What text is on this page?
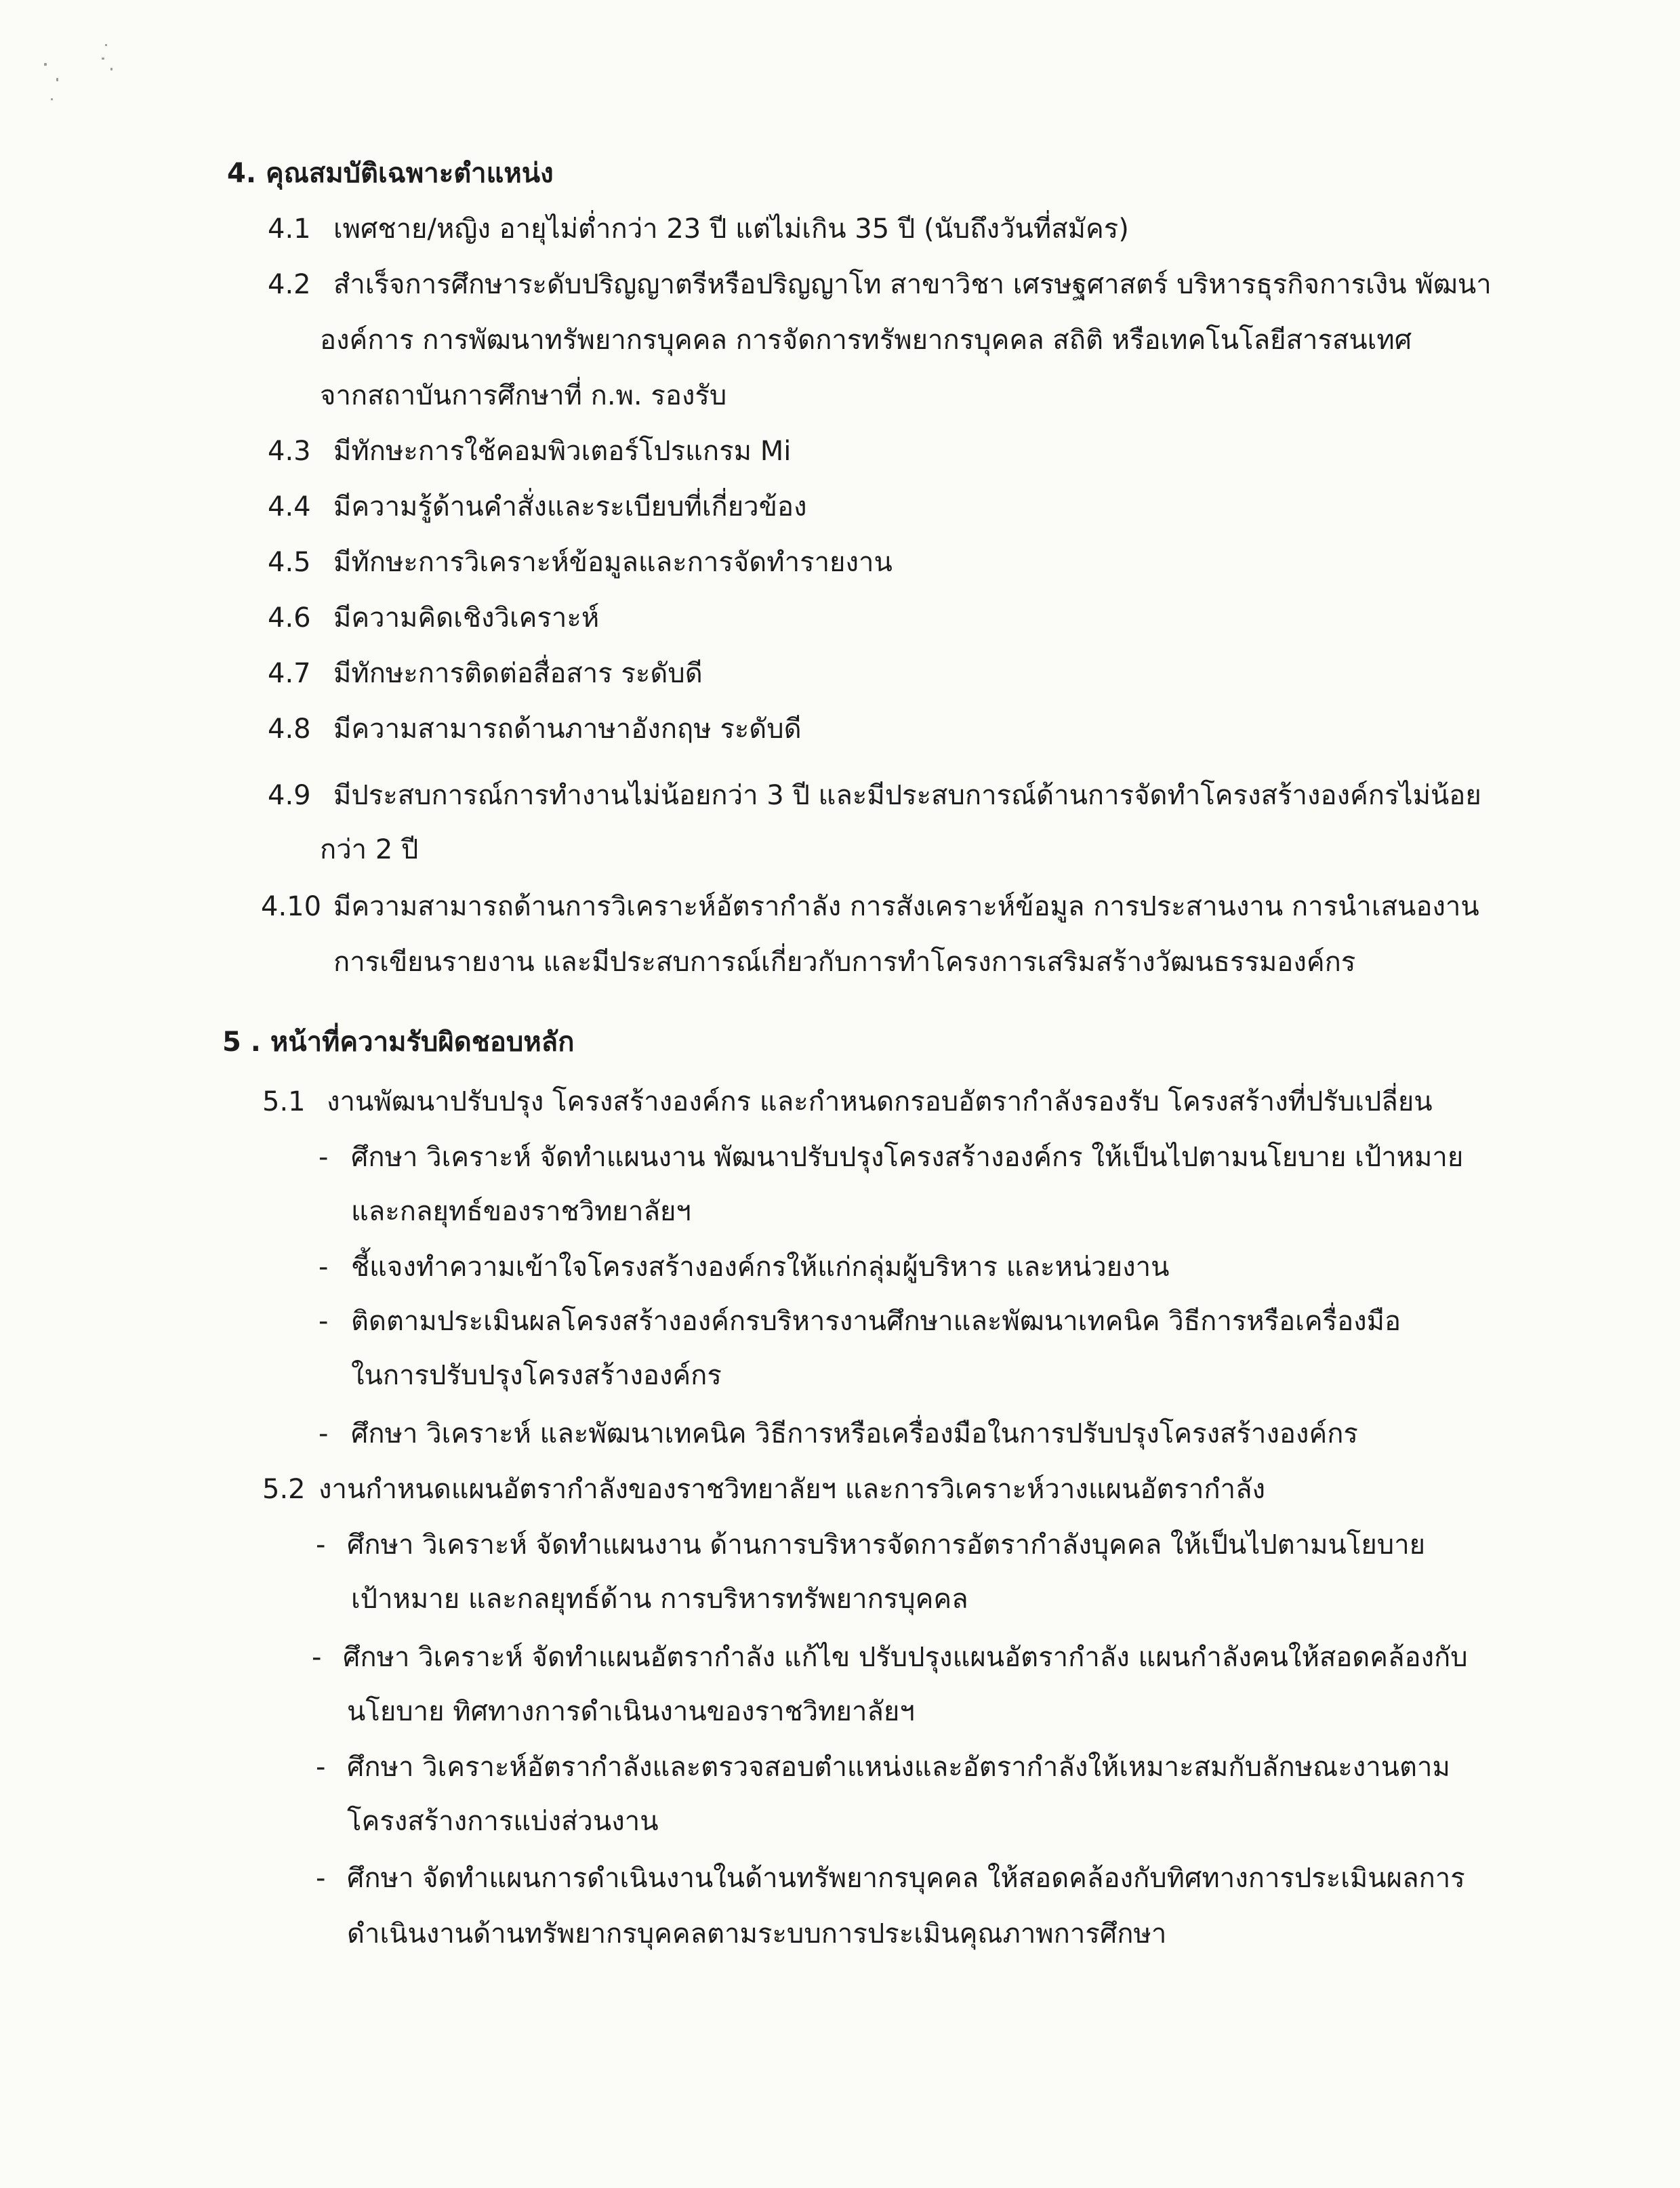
4. คุณสมบัติเฉพาะตำแหน่ง
4.1 เพศชาย/หญิง อายุไม่ต่ำกว่า 23 ปี แต่ไม่เกิน 35 ปี (นับถึงวันที่สมัคร)
4.2 สำเร็จการศึกษาระดับปริญญาตรีหรือปริญญาโท สาขาวิชา เศรษฐศาสตร์ บริหารธุรกิจการเงิน พัฒนา
องค์การ การพัฒนาทรัพยากรบุคคล การจัดการทรัพยากรบุคคล สถิติ หรือเทคโนโลยีสารสนเทศ
จากสถาบันการศึกษาที่ ก.พ. รองรับ
4.3 มีทักษะการใช้คอมพิวเตอร์โปรแกรม Mi
4.4 มีความรู้ด้านคำสั่งและระเบียบที่เกี่ยวข้อง
4.5 มีทักษะการวิเคราะห์ข้อมูลและการจัดทำรายงาน
4.6 มีความคิดเชิงวิเคราะห์
4.7 มีทักษะการติดต่อสื่อสาร ระดับดี
4.8 มีความสามารถด้านภาษาอังกฤษ ระดับดี
4.9 มีประสบการณ์การทำงานไม่น้อยกว่า 3 ปี และมีประสบการณ์ด้านการจัดทำโครงสร้างองค์กรไม่น้อย
กว่า 2 ปี
4.10 มีความสามารถด้านการวิเคราะห์อัตรากำลัง การสังเคราะห์ข้อมูล การประสานงาน การนำเสนองาน
การเขียนรายงาน และมีประสบการณ์เกี่ยวกับการทำโครงการเสริมสร้างวัฒนธรรมองค์กร
5 . หน้าที่ความรับผิดชอบหลัก
5.1 งานพัฒนาปรับปรุง โครงสร้างองค์กร และกำหนดกรอบอัตรากำลังรองรับ โครงสร้างที่ปรับเปลี่ยน
- ศึกษา วิเคราะห์ จัดทำแผนงาน พัฒนาปรับปรุงโครงสร้างองค์กร ให้เป็นไปตามนโยบาย เป้าหมาย
และกลยุทธ์ของราชวิทยาลัยฯ
- ชี้แจงทำความเข้าใจโครงสร้างองค์กรให้แก่กลุ่มผู้บริหาร และหน่วยงาน
- ติดตามประเมินผลโครงสร้างองค์กรบริหารงานศึกษาและพัฒนาเทคนิค วิธีการหรือเครื่องมือ
ในการปรับปรุงโครงสร้างองค์กร
- ศึกษา วิเคราะห์ และพัฒนาเทคนิค วิธีการหรือเครื่องมือในการปรับปรุงโครงสร้างองค์กร
5.2 งานกำหนดแผนอัตรากำลังของราชวิทยาลัยฯ และการวิเคราะห์วางแผนอัตรากำลัง
- ศึกษา วิเคราะห์ จัดทำแผนงาน ด้านการบริหารจัดการอัตรากำลังบุคคล ให้เป็นไปตามนโยบาย
เป้าหมาย และกลยุทธ์ด้าน การบริหารทรัพยากรบุคคล
- ศึกษา วิเคราะห์ จัดทำแผนอัตรากำลัง แก้ไข ปรับปรุงแผนอัตรากำลัง แผนกำลังคนให้สอดคล้องกับ
นโยบาย ทิศทางการดำเนินงานของราชวิทยาลัยฯ
- ศึกษา วิเคราะห์อัตรากำลังและตรวจสอบตำแหน่งและอัตรากำลังให้เหมาะสมกับลักษณะงานตาม
โครงสร้างการแบ่งส่วนงาน
- ศึกษา จัดทำแผนการดำเนินงานในด้านทรัพยากรบุคคล ให้สอดคล้องกับทิศทางการประเมินผลการ
ดำเนินงานด้านทรัพยากรบุคคลตามระบบการประเมินคุณภาพการศึกษา
